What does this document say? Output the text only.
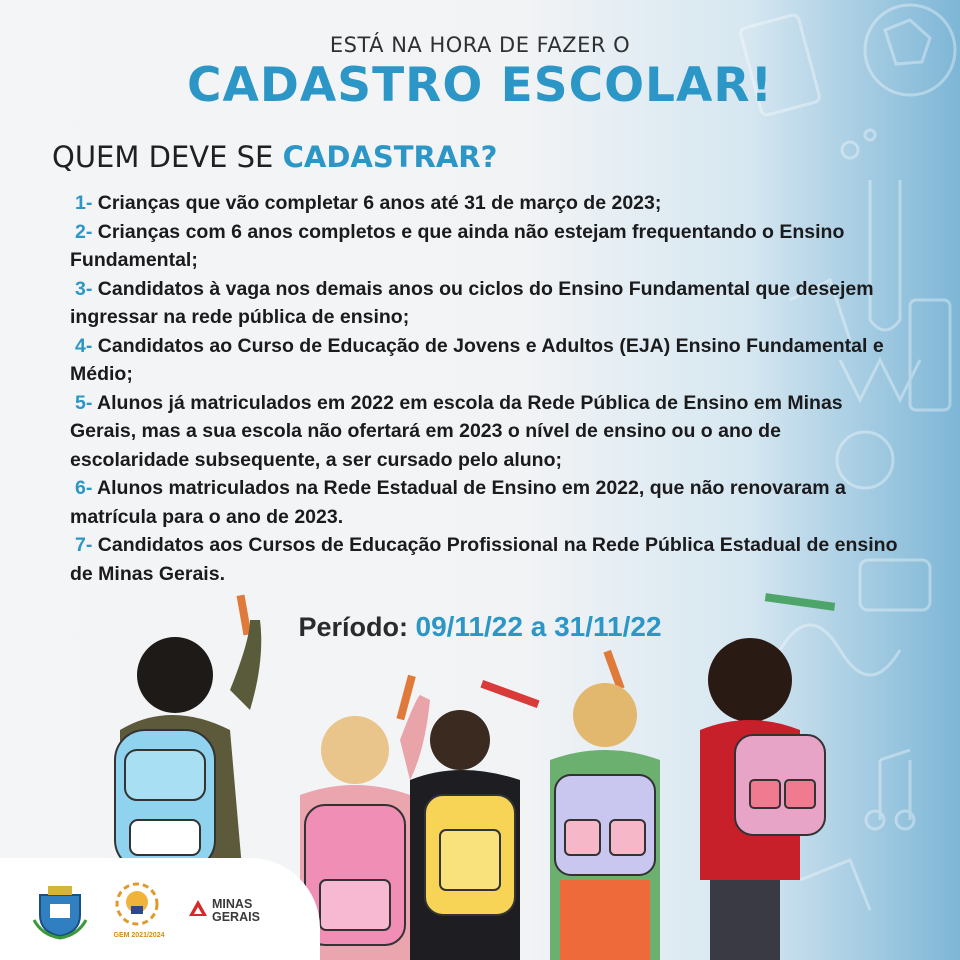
ESTÁ NA HORA DE FAZER O
CADASTRO ESCOLAR!
QUEM DEVE SE CADASTRAR?

1- Crianças que vão completar 6 anos até 31 de março de 2023;

2- Crianças com 6 anos completos e que ainda não estejam frequentando o Ensino Fundamental;

3- Candidatos à vaga nos demais anos ou ciclos do Ensino Fundamental que desejem ingressar na rede pública de ensino;

4- Candidatos ao Curso de Educação de Jovens e Adultos (EJA) Ensino Fundamental e Médio;

5- Alunos já matriculados em 2022 em escola da Rede Pública de Ensino em Minas Gerais, mas a sua escola não ofertará em 2023 o nível de ensino ou o ano de escolaridade subsequente, a ser cursado pelo aluno;

6- Alunos matriculados na Rede Estadual de Ensino em 2022, que não renovaram a matrícula para o ano de 2023.

7- Candidatos aos Cursos de Educação Profissional na Rede Pública Estadual de ensino de Minas Gerais.

Período: 09/11/22 a 31/11/22
GEM 2021/2024
MINAS
GERAIS
